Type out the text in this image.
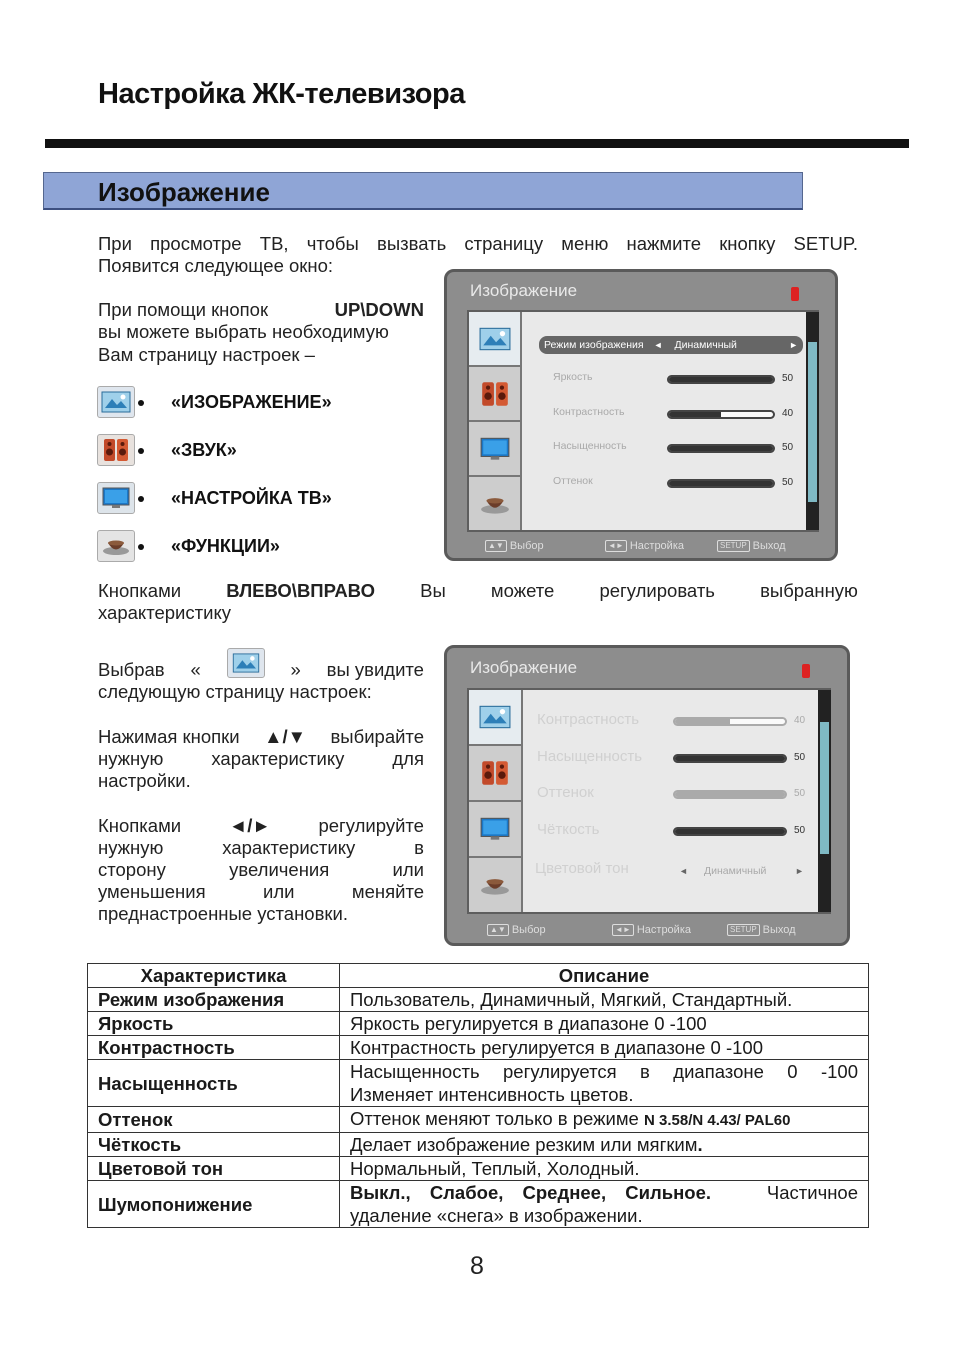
Настройка ЖК-телевизора
Изображение
При просмотре ТВ, чтобы вызвать страницу меню нажмите кнопку SETUP.
Появится следующее окно:
При помощи кнопок	UP\DOWN
вы можете выбрать необходимую
Вам страницу настроек –
«ИЗОБРАЖЕНИЕ»
«ЗВУК»
«НАСТРОЙКА ТВ»
«ФУНКЦИИ»
Изображение
Режим изображения ◄ Динамичный	►
Яркость	50
Контрастность	40
Насыщенность	50
Оттенок	50
▲▼ Выбор	◄► Настройка	SETUP Выход
Кнопками ВЛЕВО\ВПРАВО Вы можете регулировать выбранную
характеристику
Выбрав «	» вы увидите
следующую страницу настроек:
Нажимая кнопки ▲/▼ выбирайте
нужную характеристику для
настройки.
Кнопками	◄/►	регулируйте
нужную характеристику в
сторону увеличения или
уменьшения или меняйте
преднастроенные установки.
Изображение
Контрастность	40
Насыщенность	50
Оттенок	50
Чёткость	50
Цветовой тон	◄ Динамичный	►
▲▼ Выбор	◄► Настройка	SETUP Выход
Характеристика	Описание
Режим изображения	Пользователь, Динамичный, Мягкий, Стандартный.
Яркость	Яркость регулируется в диапазоне 0 -100
Контрастность	Контрастность регулируется в диапазоне 0 -100
Насыщенность	Насыщенность регулируется в диапазоне 0 -100
Изменяет интенсивность цветов.

Оттенок	Оттенок меняют только в режиме N 3.58/N 4.43/ PAL60
Чёткость	Делает изображение резким или мягким.
Цветовой тон	Нормальный, Теплый, Холодный.
Шумопонижение	Выкл., Слабое, Среднее, Сильное. Частичное
удаление «снега» в изображении.
8
